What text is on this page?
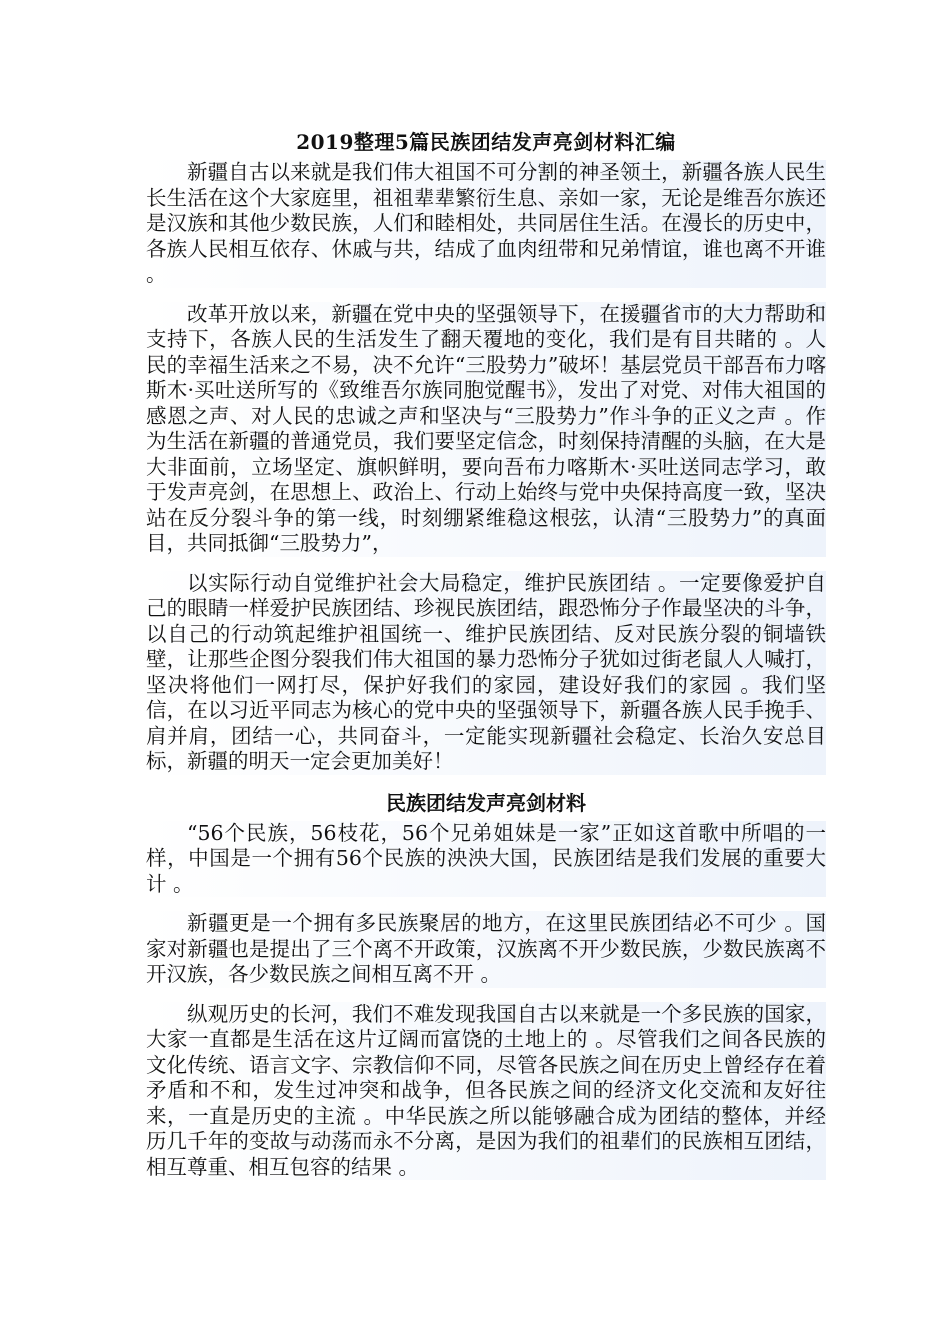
2019整理5篇民族团结发声亮剑材料汇编

新疆自古以来就是我们伟大祖国不可分割的神圣领土，新疆各族人民生长生活在这个大家庭里，祖祖辈辈繁衍生息、亲如一家，无论是维吾尔族还是汉族和其他少数民族，人们和睦相处，共同居住生活。在漫长的历史中，各族人民相互依存、休戚与共，结成了血肉纽带和兄弟情谊，谁也离不开谁 。

改革开放以来，新疆在党中央的坚强领导下，在援疆省市的大力帮助和支持下，各族人民的生活发生了翻天覆地的变化，我们是有目共睹的 。人民的幸福生活来之不易，决不允许“三股势力”破坏！基层党员干部吾布力喀斯木·买吐送所写的《致维吾尔族同胞觉醒书》，发出了对党、对伟大祖国的感恩之声、对人民的忠诚之声和坚决与“三股势力”作斗争的正义之声 。作为生活在新疆的普通党员，我们要坚定信念，时刻保持清醒的头脑，在大是大非面前，立场坚定、旗帜鲜明，要向吾布力喀斯木·买吐送同志学习，敢于发声亮剑，在思想上、政治上、行动上始终与党中央保持高度一致，坚决站在反分裂斗争的第一线，时刻绷紧维稳这根弦，认清“三股势力”的真面目，共同抵御“三股势力”，

以实际行动自觉维护社会大局稳定，维护民族团结 。一定要像爱护自己的眼睛一样爱护民族团结、珍视民族团结，跟恐怖分子作最坚决的斗争，以自己的行动筑起维护祖国统一、维护民族团结、反对民族分裂的铜墙铁壁，让那些企图分裂我们伟大祖国的暴力恐怖分子犹如过街老鼠人人喊打，坚决将他们一网打尽，保护好我们的家园，建设好我们的家园 。我们坚信，在以习近平同志为核心的党中央的坚强领导下，新疆各族人民手挽手、肩并肩，团结一心，共同奋斗，一定能实现新疆社会稳定、长治久安总目标，新疆的明天一定会更加美好！

民族团结发声亮剑材料

“56个民族，56枝花，56个兄弟姐妹是一家”正如这首歌中所唱的一样，中国是一个拥有56个民族的泱泱大国，民族团结是我们发展的重要大计 。

新疆更是一个拥有多民族聚居的地方，在这里民族团结必不可少 。国家对新疆也是提出了三个离不开政策，汉族离不开少数民族，少数民族离不开汉族，各少数民族之间相互离不开 。

纵观历史的长河，我们不难发现我国自古以来就是一个多民族的国家，大家一直都是生活在这片辽阔而富饶的土地上的 。尽管我们之间各民族的文化传统、语言文字、宗教信仰不同，尽管各民族之间在历史上曾经存在着矛盾和不和，发生过冲突和战争，但各民族之间的经济文化交流和友好往来，一直是历史的主流 。中华民族之所以能够融合成为团结的整体，并经历几千年的变故与动荡而永不分离，是因为我们的祖辈们的民族相互团结，相互尊重、相互包容的结果 。
